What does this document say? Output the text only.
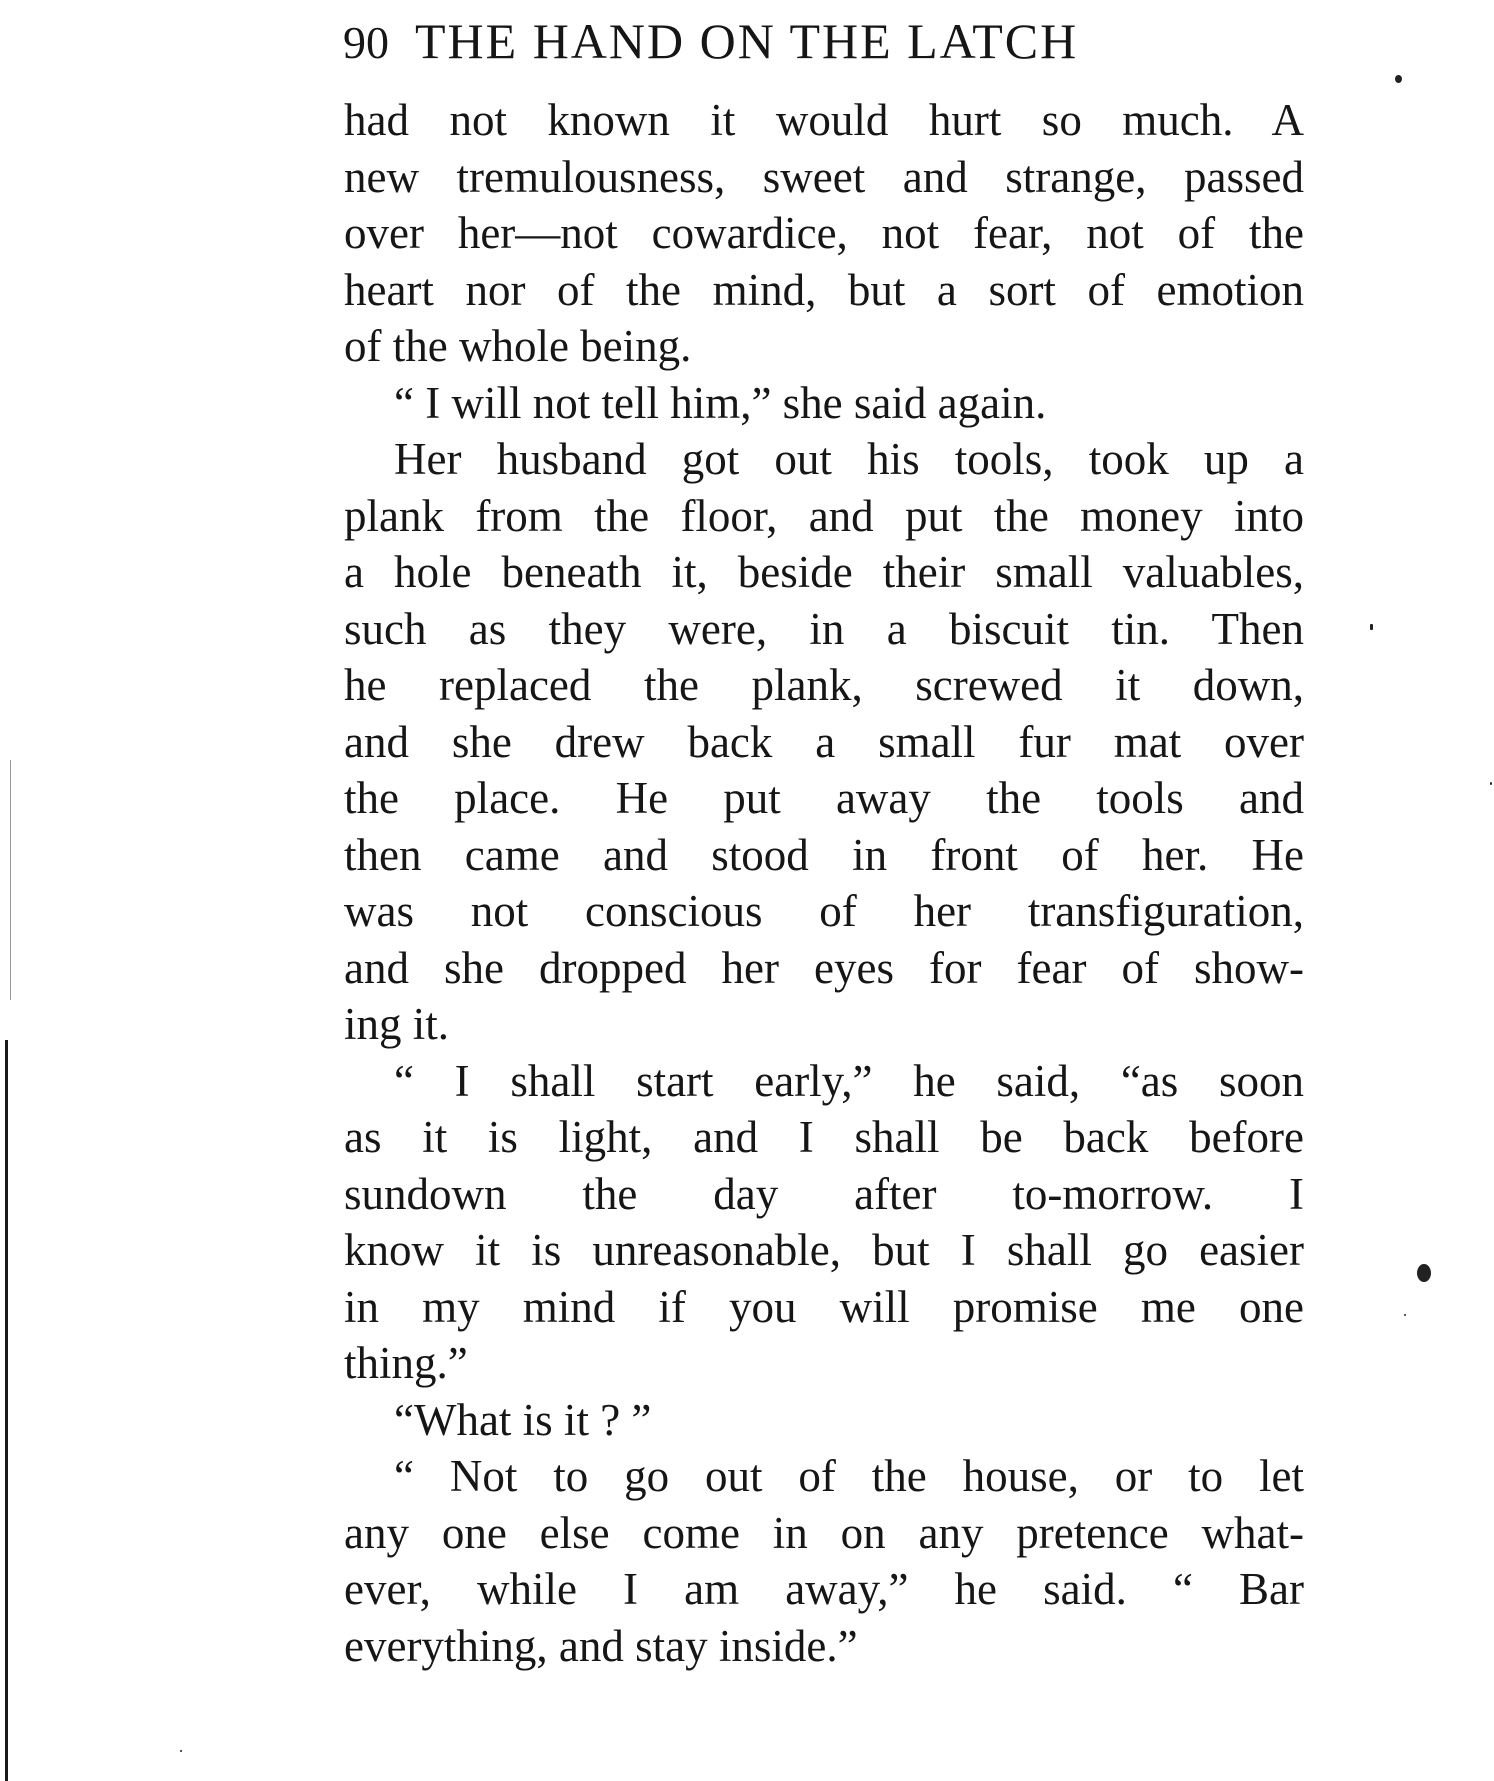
90 THE HAND ON THE LATCH
had not known it would hurt so much. A
new tremulousness, sweet and strange, passed
over her—not cowardice, not fear, not of the
heart nor of the mind, but a sort of emotion
of the whole being.
“ I will not tell him,” she said again.
Her husband got out his tools, took up a
plank from the floor, and put the money into
a hole beneath it, beside their small valuables,
such as they were, in a biscuit tin. Then
he replaced the plank, screwed it down,
and she drew back a small fur mat over
the place. He put away the tools and
then came and stood in front of her. He
was not conscious of her transfiguration,
and she dropped her eyes for fear of show-
ing it.
“ I shall start early,” he said, “as soon
as it is light, and I shall be back before
sundown the day after to-morrow. I
know it is unreasonable, but I shall go easier
in my mind if you will promise me one
thing.”
“What is it ? ”
“ Not to go out of the house, or to let
any one else come in on any pretence what-
ever, while I am away,” he said. “ Bar
everything, and stay inside.”
